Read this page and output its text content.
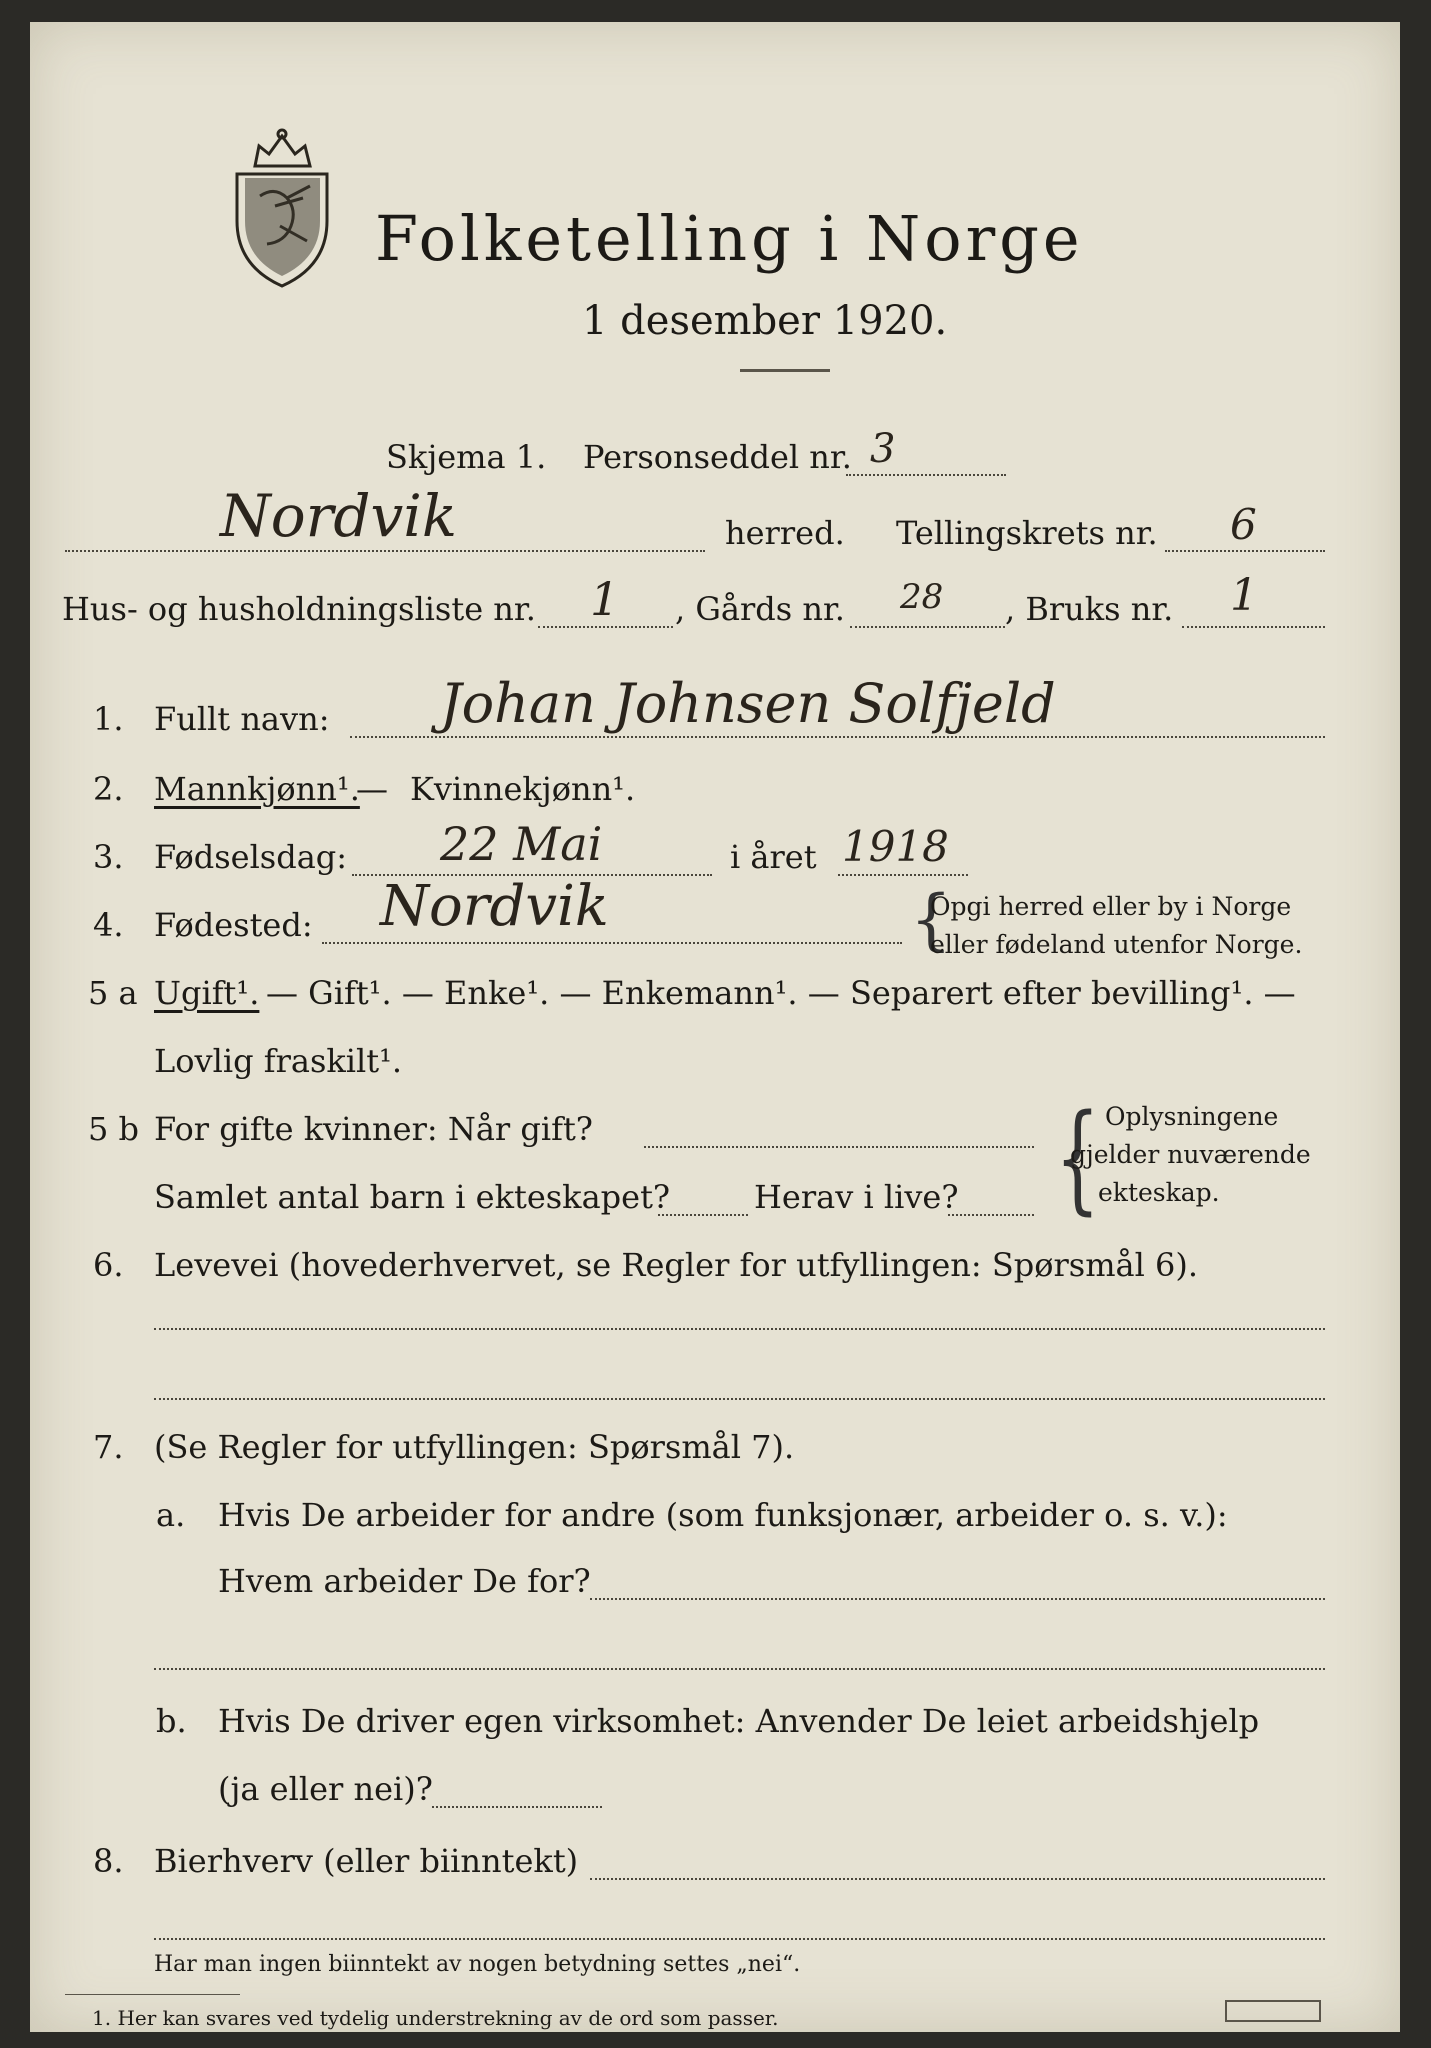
Folketelling i Norge
1 desember 1920.
Skjema 1. Personseddel nr. 3
Nordvik	herred. Tellingskrets nr. 6
Hus- og husholdningsliste nr. 1 , Gårds nr. 28 , Bruks nr. 1
1. Fullt navn: Johan Johnsen Solfjeld
2. Mannkjønn¹.
— Kvinnekjønn¹.
3. Fødselsdag: 22 Mai	i året 1918
4. Fødested: Nordvik	{
Opgi herred eller by i Norge
eller fødeland utenfor Norge.
5 a Ugift¹. — Gift¹. — Enke¹. — Enkemann¹. — Separert efter bevilling¹. —
Lovlig fraskilt¹.
5 b For gifte kvinner: Når gift?
Samlet antal barn i ekteskapet?	Herav i live? { Oplysningene
gjelder nuværende
ekteskap.
6. Levevei (hovederhvervet, se Regler for utfyllingen: Spørsmål 6).
7. (Se Regler for utfyllingen: Spørsmål 7).
a. Hvis De arbeider for andre (som funksjonær, arbeider o. s. v.):
Hvem arbeider De for?
b. Hvis De driver egen virksomhet: Anvender De leiet arbeidshjelp
(ja eller nei)?
8. Bierhverv (eller biinntekt)
Har man ingen biinntekt av nogen betydning settes „nei“.
1. Her kan svares ved tydelig understrekning av de ord som passer.
